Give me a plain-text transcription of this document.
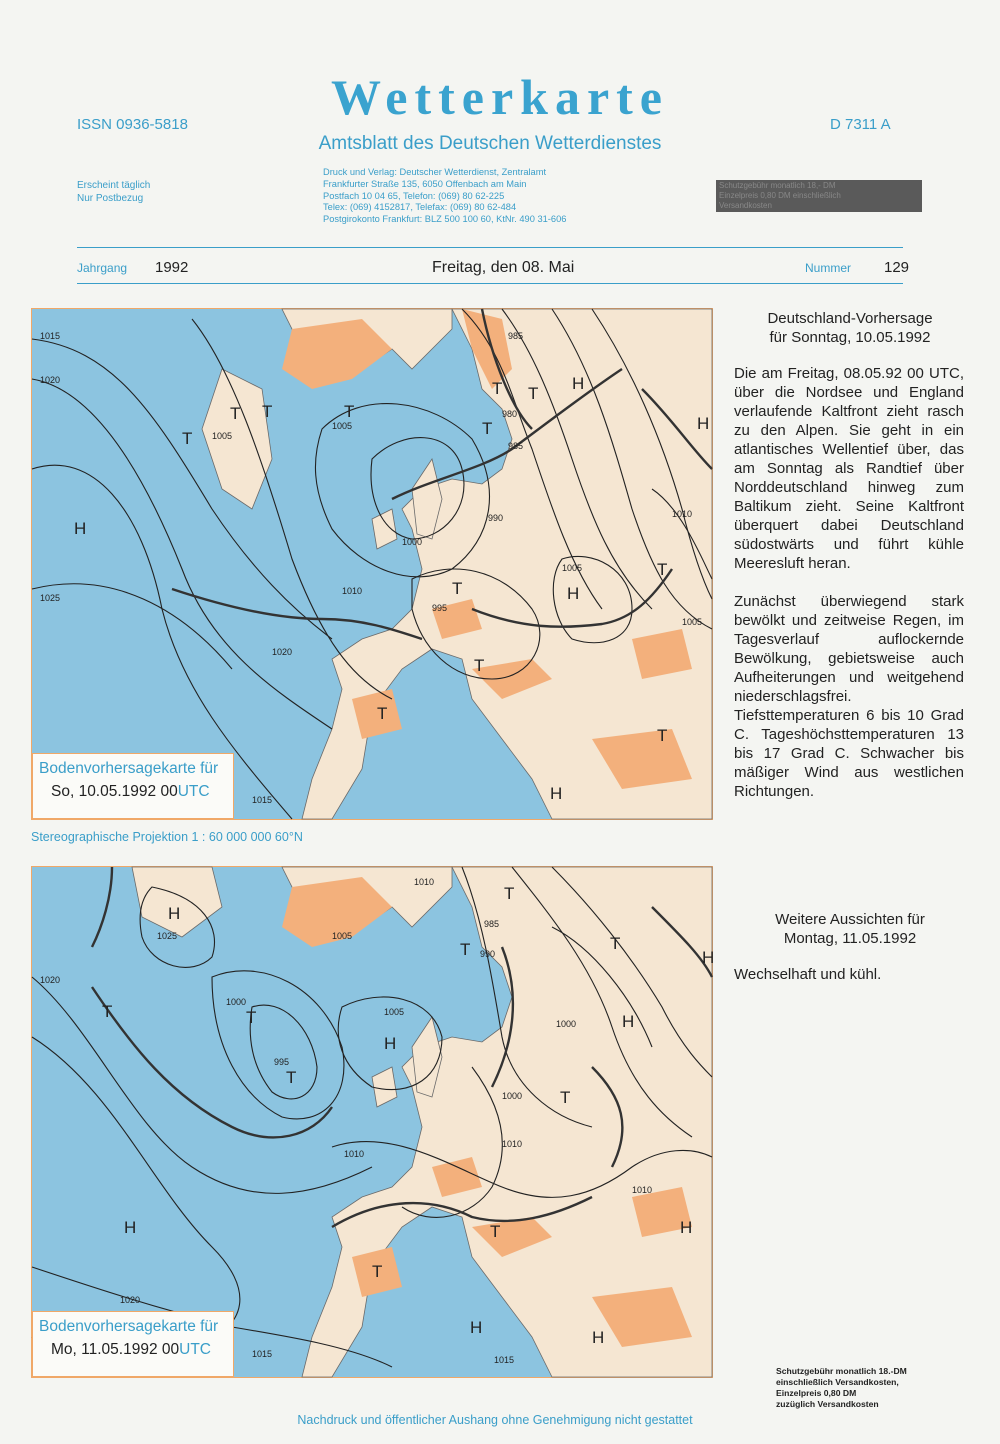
ISSN 0936-5818	Wetterkarte	D 7311 A
Amtsblatt des Deutschen Wetterdienstes
Erscheint täglich
Nur Postbezug
Druck und Verlag: Deutscher Wetterdienst, Zentralamt
Frankfurter Straße 135, 6050 Offenbach am Main
Postfach 10 04 65, Telefon: (069) 80 62-225
Telex: (069) 4152817, Telefax: (069) 80 62-484
Postgirokonto Frankfurt: BLZ 500 100 60, KtNr. 490 31-606
Schutzgebühr monatlich 18,- DM
Einzelpreis 0,80 DM einschließlich
Versandkosten
Jahrgang 1992	Freitag, den 08. Mai	Nummer 129
1015
1020
1025
1005
1005
985
980
985
990
1000
1010
995
1005
1020
1015
1010
1005
T T	T
T
T T
T
T
T
T
H
H
H
H
T
T
H
Bodenvorhersagekarte für
So, 10.05.1992 00UTC
Stereographische Projektion 1 : 60 000 000 60°N
1025
1020
1005
1010
985
990
1000
995
1005
1000
1000
1010
1010
1010
1020
1015
1015
H
T	T
T
T
T	T
T
H
H
H	H
T
T
H
H
H
Bodenvorhersagekarte für
Mo, 11.05.1992 00UTC
Deutschland-Vorhersage
für Sonntag, 10.05.1992

Die am Freitag, 08.05.92 00 UTC, über die Nordsee und England verlaufende Kaltfront zieht rasch zu den Alpen. Sie geht in ein atlantisches Wellentief über, das am Sonntag als Randtief über Norddeutschland hinweg zum Baltikum zieht. Seine Kaltfront überquert dabei Deutschland südostwärts und führt kühle Meeresluft heran.

Zunächst überwiegend stark bewölkt und zeitweise Regen, im Tagesverlauf auflockernde Bewölkung, gebietsweise auch Aufheiterungen und weitgehend niederschlagsfrei. Tiefsttemperaturen 6 bis 10 Grad C. Tageshöchsttemperaturen 13 bis 17 Grad C. Schwacher bis mäßiger Wind aus westlichen Richtungen.

Weitere Aussichten für
Montag, 11.05.1992
Wechselhaft und kühl.
Schutzgebühr monatlich 18.-DM
einschließlich Versandkosten,
Einzelpreis 0,80 DM
zuzüglich Versandkosten
Nachdruck und öffentlicher Aushang ohne Genehmigung nicht gestattet
